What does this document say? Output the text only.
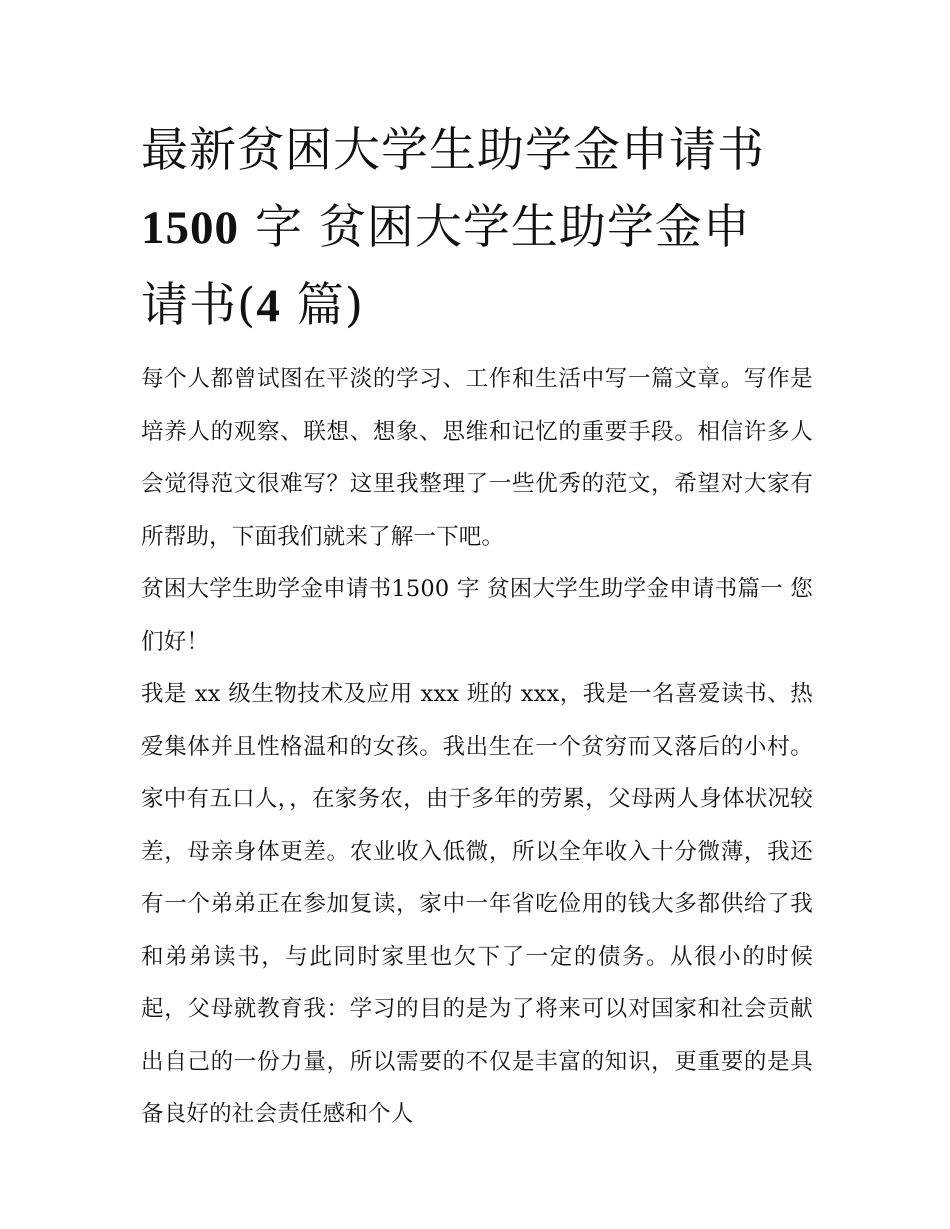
最新贫困大学生助学金申请书
1500 字 贫困大学生助学金申
请书(4 篇)

每个人都曾试图在平淡的学习、工作和生活中写一篇文章。写作是培养人的观察、联想、想象、思维和记忆的重要手段。相信许多人会觉得范文很难写？这里我整理了一些优秀的范文，希望对大家有所帮助，下面我们就来了解一下吧。

贫困大学生助学金申请书1500 字 贫困大学生助学金申请书篇一 您们好！

我是 xx 级生物技术及应用 xxx 班的 xxx，我是一名喜爱读书、热爱集体并且性格温和的女孩。我出生在一个贫穷而又落后的小村。家中有五口人，，在家务农，由于多年的劳累，父母两人身体状况较差，母亲身体更差。农业收入低微，所以全年收入十分微薄，我还有一个弟弟正在参加复读，家中一年省吃俭用的钱大多都供给了我和弟弟读书，与此同时家里也欠下了一定的债务。从很小的时候起，父母就教育我：学习的目的是为了将来可以对国家和社会贡献出自己的一份力量，所以需要的不仅是丰富的知识，更重要的是具备良好的社会责任感和个人
